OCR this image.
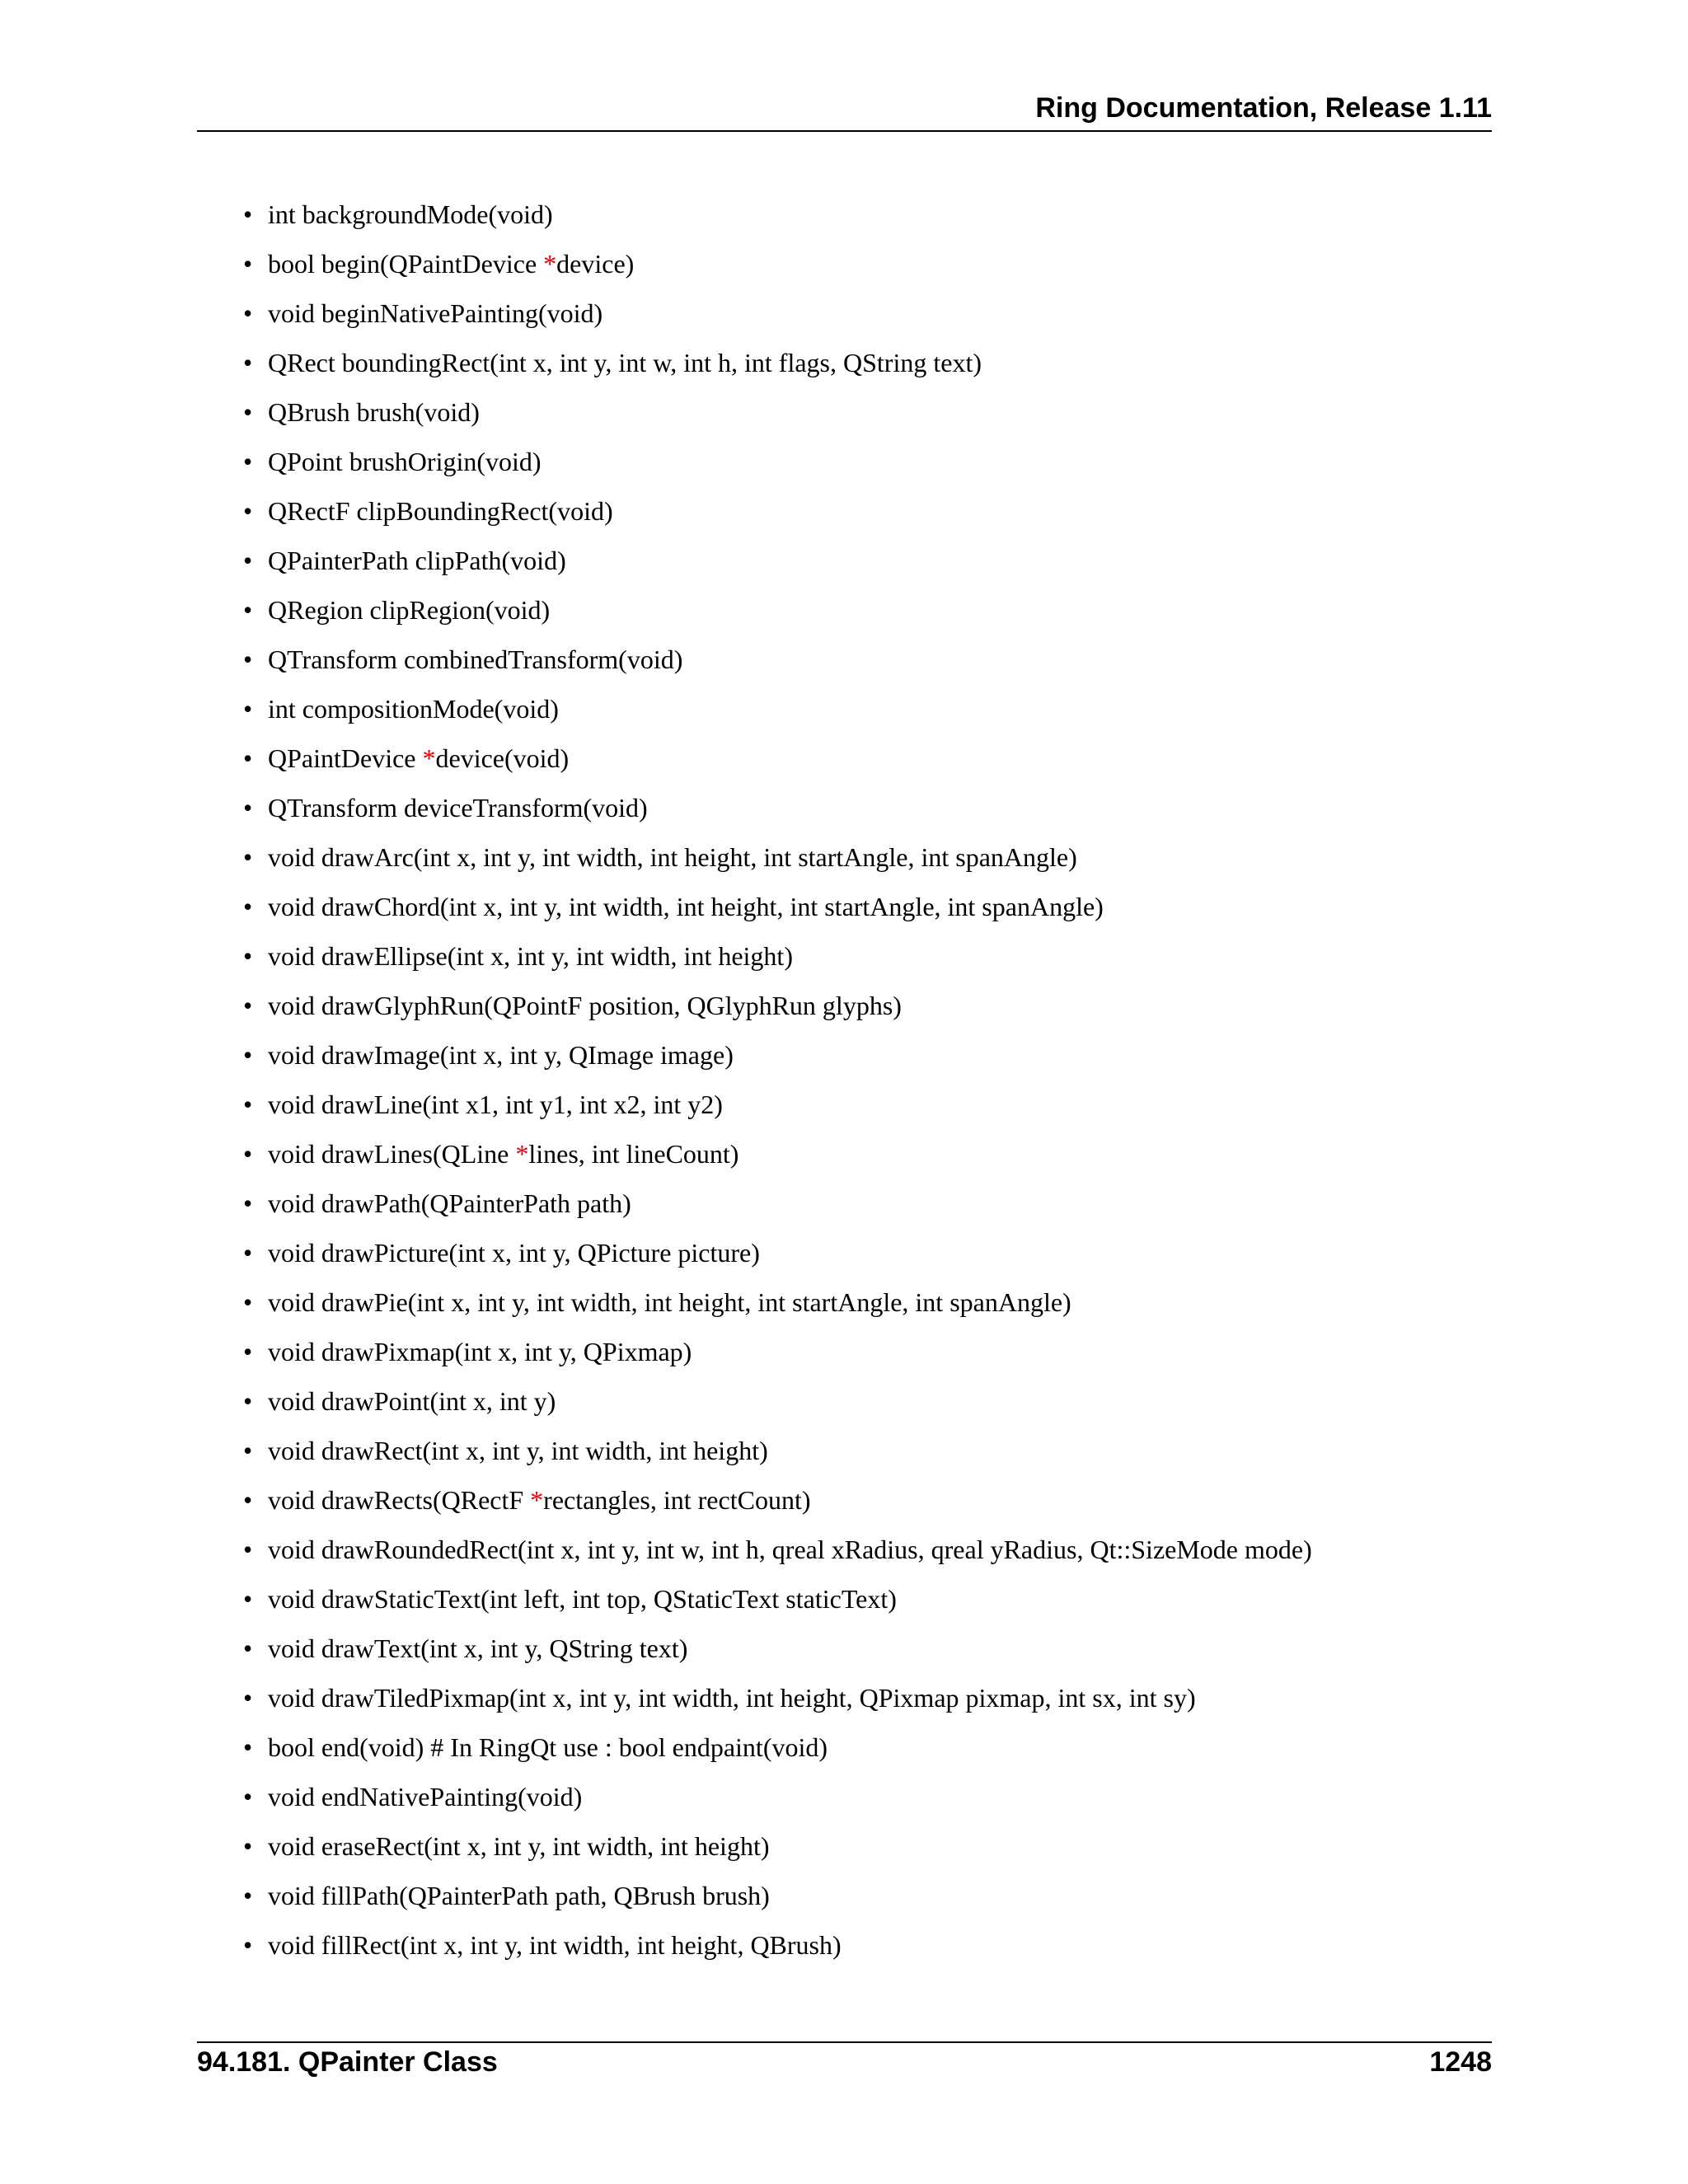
Ring Documentation, Release 1.11
• int backgroundMode(void)
• bool begin(QPaintDevice *device)
• void beginNativePainting(void)
• QRect boundingRect(int x, int y, int w, int h, int flags, QString text)
• QBrush brush(void)
• QPoint brushOrigin(void)
• QRectF clipBoundingRect(void)
• QPainterPath clipPath(void)
• QRegion clipRegion(void)
• QTransform combinedTransform(void)
• int compositionMode(void)
• QPaintDevice *device(void)
• QTransform deviceTransform(void)
• void drawArc(int x, int y, int width, int height, int startAngle, int spanAngle)
• void drawChord(int x, int y, int width, int height, int startAngle, int spanAngle)
• void drawEllipse(int x, int y, int width, int height)
• void drawGlyphRun(QPointF position, QGlyphRun glyphs)
• void drawImage(int x, int y, QImage image)
• void drawLine(int x1, int y1, int x2, int y2)
• void drawLines(QLine *lines, int lineCount)
• void drawPath(QPainterPath path)
• void drawPicture(int x, int y, QPicture picture)
• void drawPie(int x, int y, int width, int height, int startAngle, int spanAngle)
• void drawPixmap(int x, int y, QPixmap)
• void drawPoint(int x, int y)
• void drawRect(int x, int y, int width, int height)
• void drawRects(QRectF *rectangles, int rectCount)
• void drawRoundedRect(int x, int y, int w, int h, qreal xRadius, qreal yRadius, Qt::SizeMode mode)
• void drawStaticText(int left, int top, QStaticText staticText)
• void drawText(int x, int y, QString text)
• void drawTiledPixmap(int x, int y, int width, int height, QPixmap pixmap, int sx, int sy)
• bool end(void) # In RingQt use : bool endpaint(void)
• void endNativePainting(void)
• void eraseRect(int x, int y, int width, int height)
• void fillPath(QPainterPath path, QBrush brush)
• void fillRect(int x, int y, int width, int height, QBrush)
94.181. QPainter Class	1248
